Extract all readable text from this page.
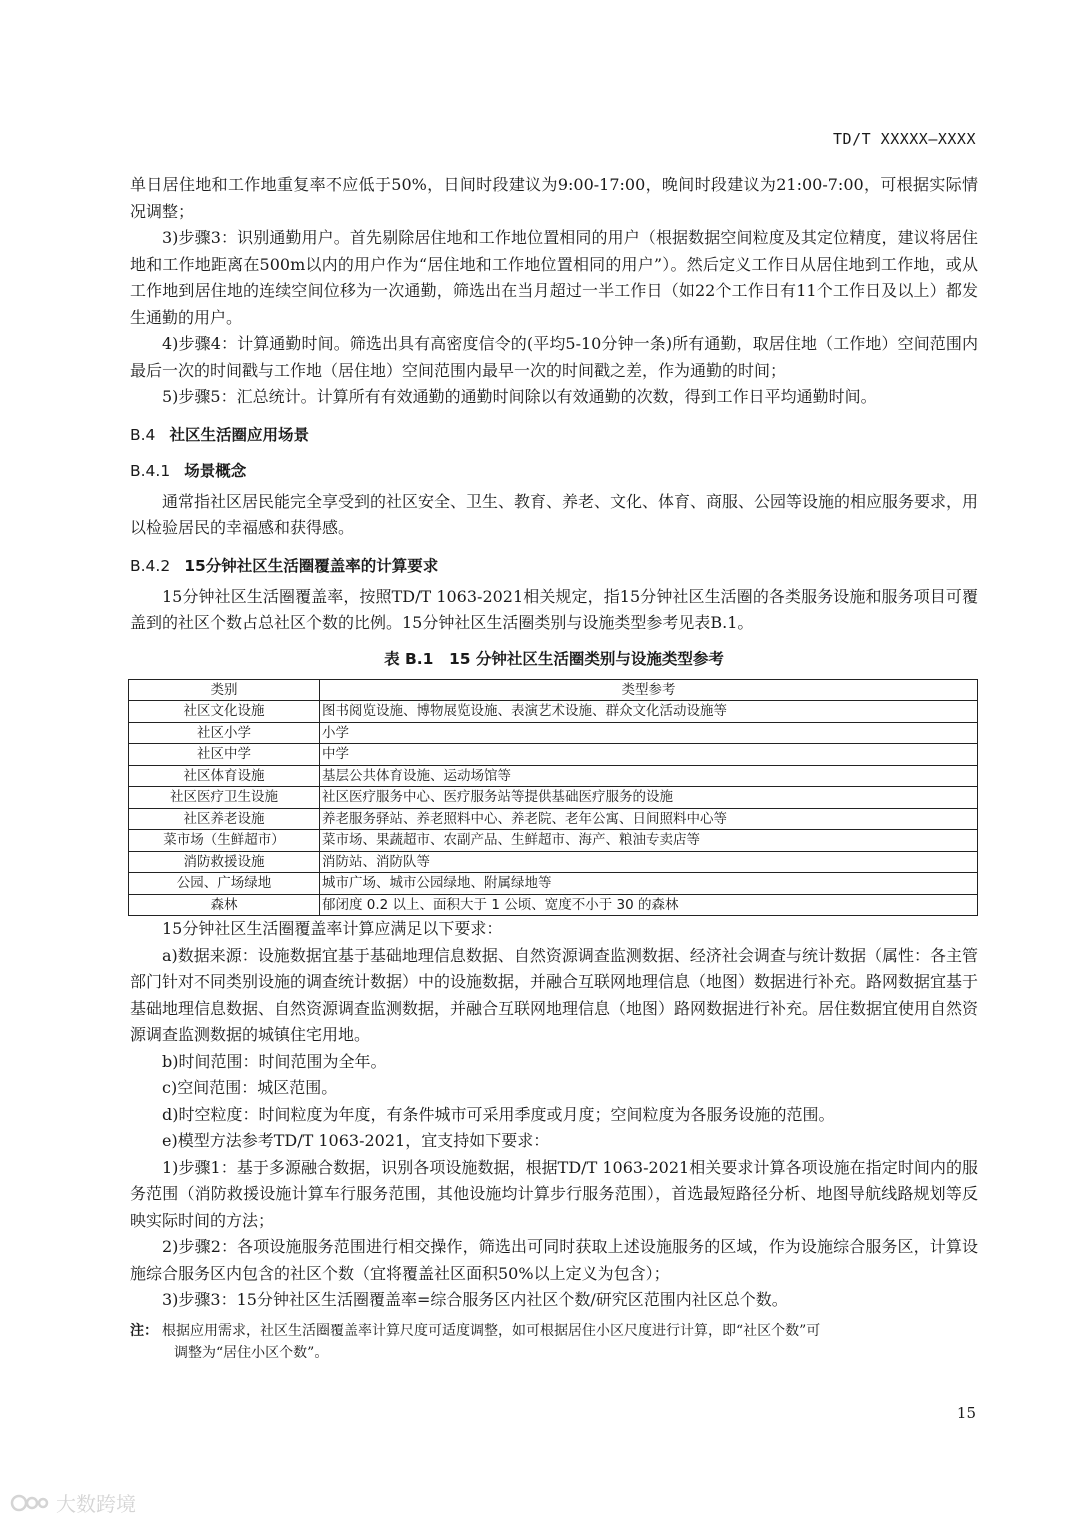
TD/T XXXXX—XXXX

单日居住地和工作地重复率不应低于50%，日间时段建议为9:00-17:00，晚间时段建议为21:00-7:00，可根据实际情况调整；

3)步骤3：识别通勤用户。首先剔除居住地和工作地位置相同的用户（根据数据空间粒度及其定位精度，建议将居住地和工作地距离在500m以内的用户作为“居住地和工作地位置相同的用户”）。然后定义工作日从居住地到工作地，或从工作地到居住地的连续空间位移为一次通勤，筛选出在当月超过一半工作日（如22个工作日有11个工作日及以上）都发生通勤的用户。

4)步骤4：计算通勤时间。筛选出具有高密度信令的(平均5-10分钟一条)所有通勤，取居住地（工作地）空间范围内最后一次的时间戳与工作地（居住地）空间范围内最早一次的时间戳之差，作为通勤的时间；

5)步骤5：汇总统计。计算所有有效通勤的通勤时间除以有效通勤的次数，得到工作日平均通勤时间。

B.4 社区生活圈应用场景
B.4.1 场景概念

通常指社区居民能完全享受到的社区安全、卫生、教育、养老、文化、体育、商服、公园等设施的相应服务要求，用以检验居民的幸福感和获得感。

B.4.2 15分钟社区生活圈覆盖率的计算要求

15分钟社区生活圈覆盖率，按照TD/T 1063-2021相关规定，指15分钟社区生活圈的各类服务设施和服务项目可覆盖到的社区个数占总社区个数的比例。15分钟社区生活圈类别与设施类型参考见表B.1。

表 B.1　15 分钟社区生活圈类别与设施类型参考
类别	类型参考
社区文化设施	图书阅览设施、博物展览设施、表演艺术设施、群众文化活动设施等
社区小学	小学
社区中学	中学
社区体育设施	基层公共体育设施、运动场馆等
社区医疗卫生设施	社区医疗服务中心、医疗服务站等提供基础医疗服务的设施
社区养老设施	养老服务驿站、养老照料中心、养老院、老年公寓、日间照料中心等
菜市场（生鲜超市）	菜市场、果蔬超市、农副产品、生鲜超市、海产、粮油专卖店等
消防救援设施	消防站、消防队等
公园、广场绿地	城市广场、城市公园绿地、附属绿地等
森林	郁闭度 0.2 以上、面积大于 1 公顷、宽度不小于 30 的森林

15分钟社区生活圈覆盖率计算应满足以下要求：

a)数据来源：设施数据宜基于基础地理信息数据、自然资源调查监测数据、经济社会调查与统计数据（属性：各主管部门针对不同类别设施的调查统计数据）中的设施数据，并融合互联网地理信息（地图）数据进行补充。路网数据宜基于基础地理信息数据、自然资源调查监测数据，并融合互联网地理信息（地图）路网数据进行补充。居住数据宜使用自然资源调查监测数据的城镇住宅用地。

b)时间范围：时间范围为全年。

c)空间范围：城区范围。

d)时空粒度：时间粒度为年度，有条件城市可采用季度或月度；空间粒度为各服务设施的范围。

e)模型方法参考TD/T 1063-2021，宜支持如下要求：

1)步骤1：基于多源融合数据，识别各项设施数据，根据TD/T 1063-2021相关要求计算各项设施在指定时间内的服务范围（消防救援设施计算车行服务范围，其他设施均计算步行服务范围），首选最短路径分析、地图导航线路规划等反映实际时间的方法；

2)步骤2：各项设施服务范围进行相交操作，筛选出可同时获取上述设施服务的区域，作为设施综合服务区，计算设施综合服务区内包含的社区个数（宜将覆盖社区面积50%以上定义为包含）；

3)步骤3：15分钟社区生活圈覆盖率=综合服务区内社区个数/研究区范围内社区总个数。

注： 根据应用需求，社区生活圈覆盖率计算尺度可适度调整，如可根据居住小区尺度进行计算，即“社区个数”可
调整为“居住小区个数”。
15
大数跨境
